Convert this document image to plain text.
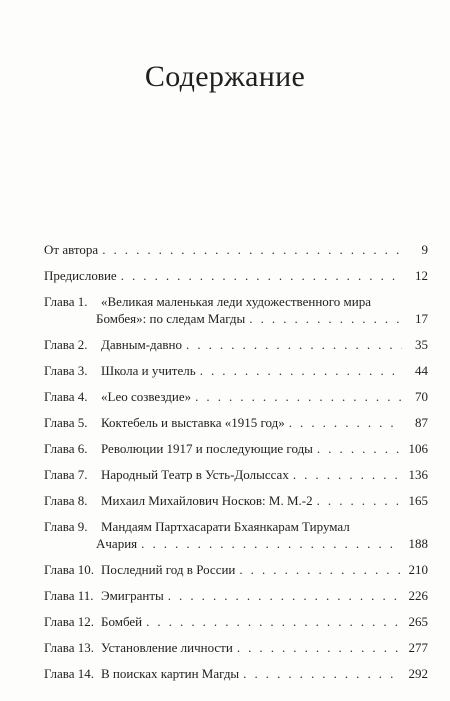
Содержание
От автора . . .	9
Предисловие . . .	12
Глава 1.	«Великая маленькая леди художественного мира
Бомбея»: по следам Магды . . .	17
Глава 2.	Давным-давно . . .	35
Глава 3.	Школа и учитель . . .	44
Глава 4.	«Leo созвездие» . . .	70
Глава 5.	Коктебель и выставка «1915 год» . . .	87
Глава 6.	Революции 1917 и последующие годы . . .	106
Глава 7.	Народный Театр в Усть-Долыссах . . .	136
Глава 8.	Михаил Михайлович Носков: М. М.-2 . . .	165
Глава 9.	Мандаям Партхасарати Бхаянкарам Тирумал
Ачария . . .	188
Глава 10. Последний год в России . . .	210
Глава 11. Эмигранты . . .	226
Глава 12. Бомбей . . .	265
Глава 13. Установление личности . . .	277
Глава 14. В поисках картин Магды . . .	292
